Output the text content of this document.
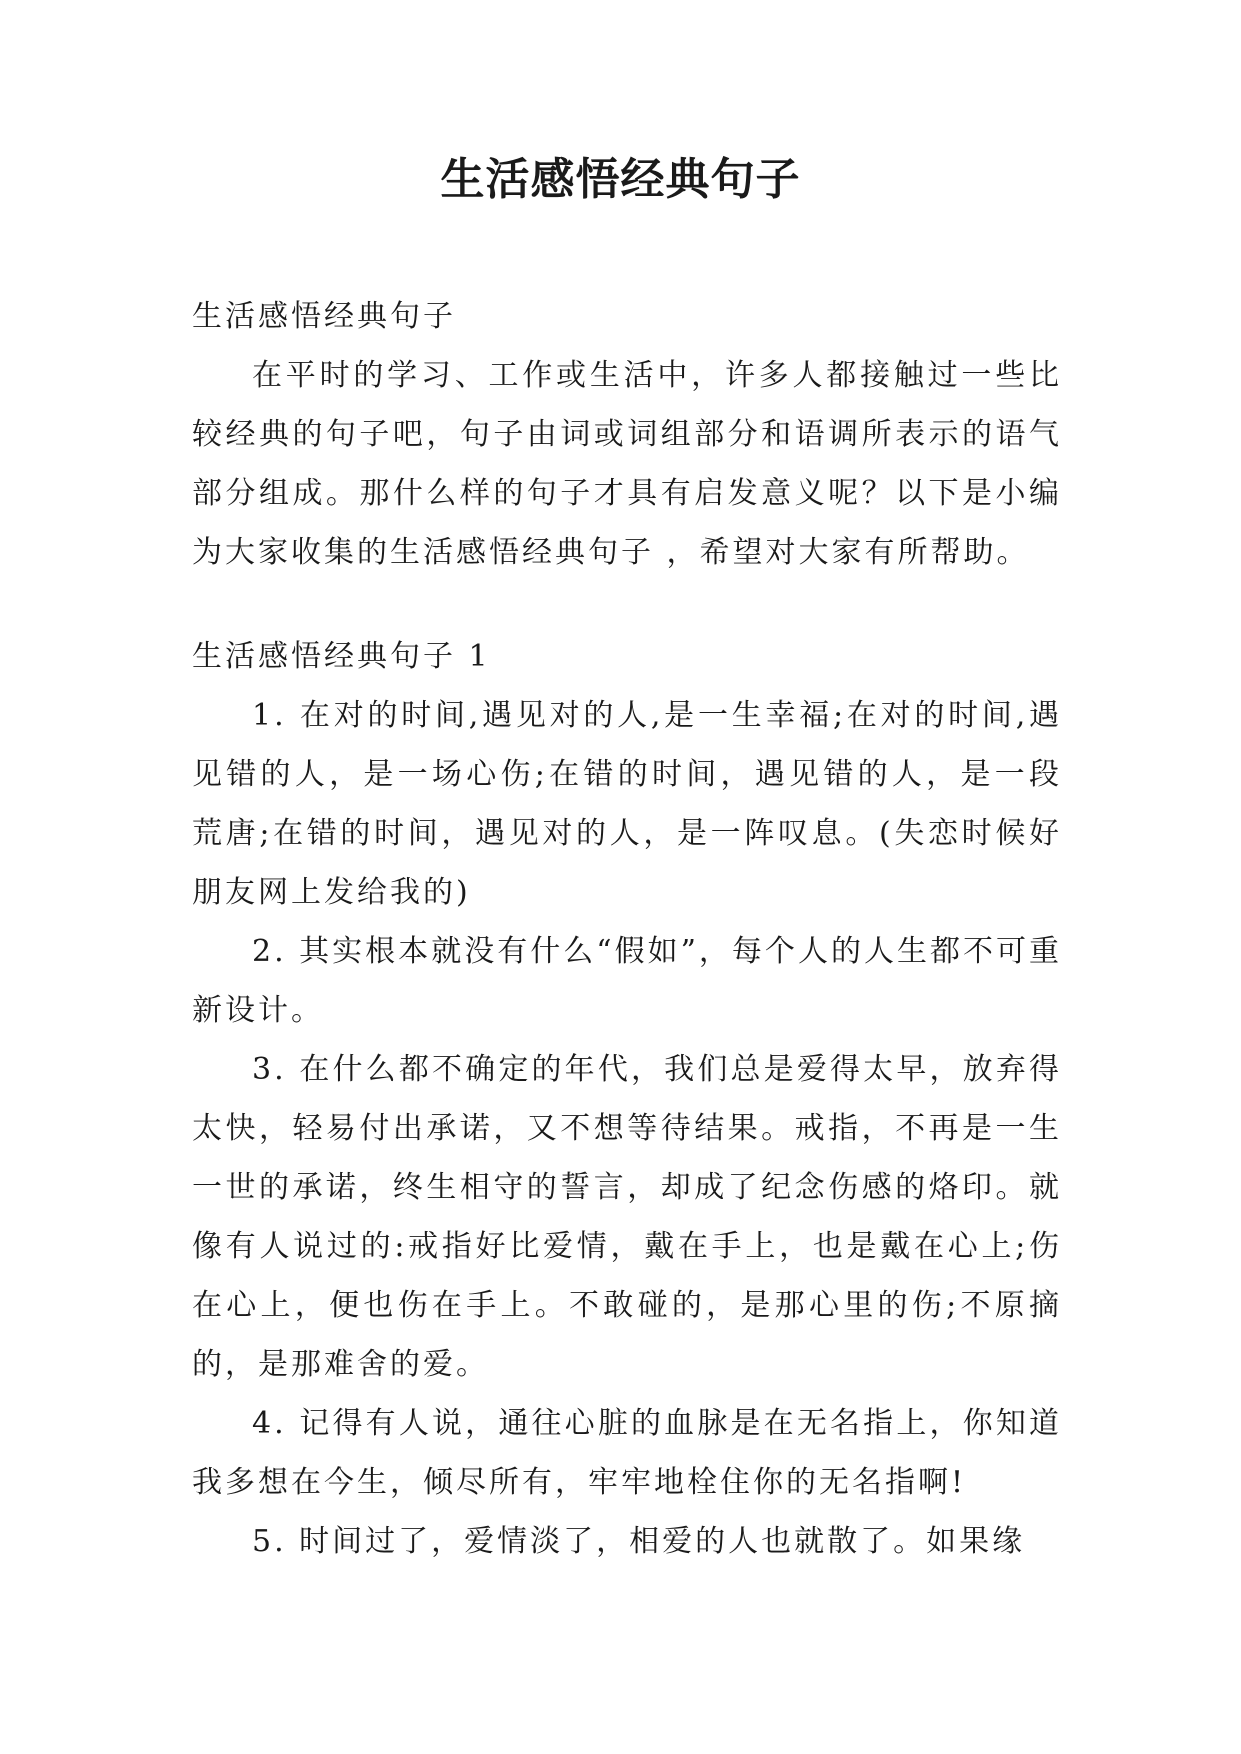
生活感悟经典句子

生活感悟经典句子

在平时的学习、工作或生活中，许多人都接触过一些比较经典的句子吧，句子由词或词组部分和语调所表示的语气部分组成。那什么样的句子才具有启发意义呢？以下是小编为大家收集的生活感悟经典句子 ，希望对大家有所帮助。

生活感悟经典句子 1

1. 在对的时间,遇见对的人,是一生幸福;在对的时间,遇见错的人，是一场心伤;在错的时间，遇见错的人，是一段荒唐;在错的时间，遇见对的人，是一阵叹息。(失恋时候好朋友网上发给我的)

2. 其实根本就没有什么“假如”，每个人的人生都不可重新设计。

3. 在什么都不确定的年代，我们总是爱得太早，放弃得太快，轻易付出承诺，又不想等待结果。戒指，不再是一生一世的承诺，终生相守的誓言，却成了纪念伤感的烙印。就像有人说过的:戒指好比爱情，戴在手上，也是戴在心上;伤在心上，便也伤在手上。不敢碰的，是那心里的伤;不原摘的，是那难舍的爱。

4. 记得有人说，通往心脏的血脉是在无名指上，你知道我多想在今生，倾尽所有，牢牢地栓住你的无名指啊!

5. 时间过了，爱情淡了，相爱的人也就散了。如果缘
